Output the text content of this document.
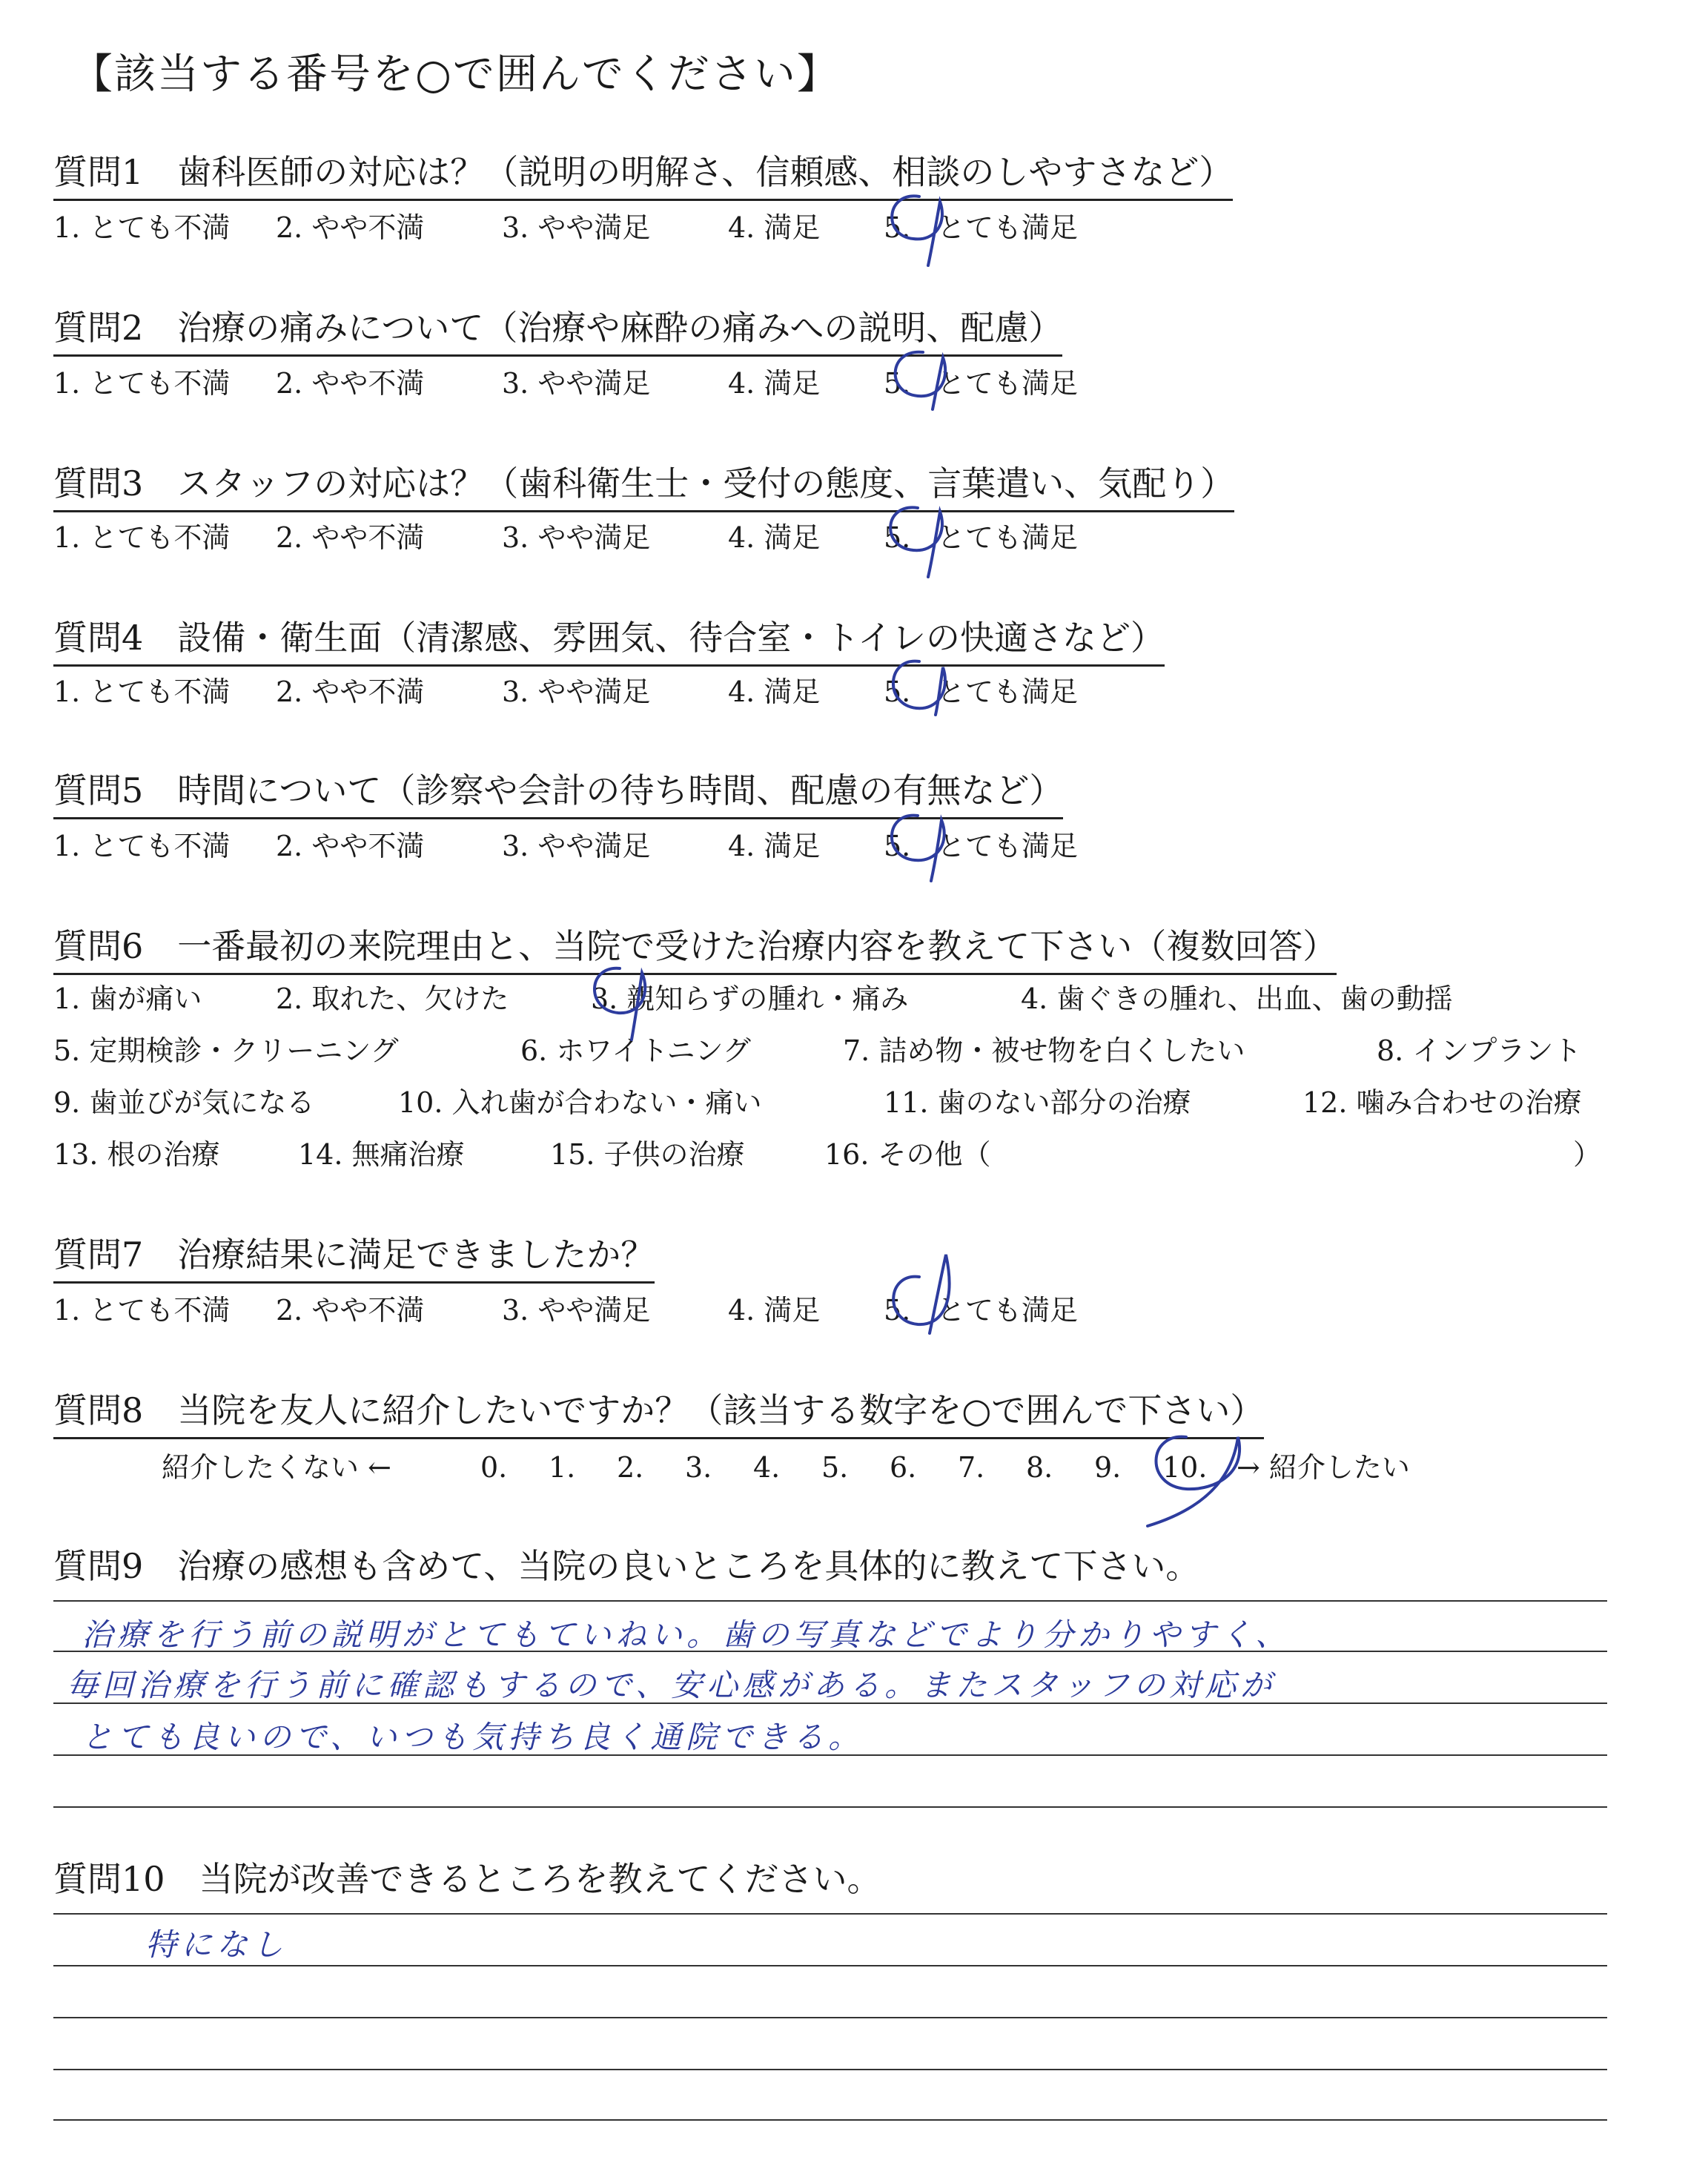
【該当する番号を○で囲んでください】
質問1　歯科医師の対応は？（説明の明解さ、信頼感、相談のしやすさなど）
1. とても不満 2. やや不満	3. やや満足	4. 満足 5. とても満足
質問2　治療の痛みについて（治療や麻酔の痛みへの説明、配慮）
1. とても不満 2. やや不満	3. やや満足	4. 満足 5. とても満足
質問3　スタッフの対応は？（歯科衛生士・受付の態度、言葉遣い、気配り）
1. とても不満 2. やや不満	3. やや満足	4. 満足 5. とても満足
質問4　設備・衛生面（清潔感、雰囲気、待合室・トイレの快適さなど）
1. とても不満 2. やや不満	3. やや満足	4. 満足 5. とても満足
質問5　時間について（診察や会計の待ち時間、配慮の有無など）
1. とても不満 2. やや不満	3. やや満足	4. 満足 5. とても満足
質問6　一番最初の来院理由と、当院で受けた治療内容を教えて下さい（複数回答）
1. 歯が痛い	2. 取れた、欠けた	3. 親知らずの腫れ・痛み	4. 歯ぐきの腫れ、出血、歯の動揺
5. 定期検診・クリーニング	6. ホワイトニング	7. 詰め物・被せ物を白くしたい	8. インプラント
9. 歯並びが気になる	10. 入れ歯が合わない・痛い	11. 歯のない部分の治療	12. 噛み合わせの治療
13. 根の治療	14. 無痛治療	15. 子供の治療	16. その他（	）
質問7　治療結果に満足できましたか？
1. とても不満 2. やや不満	3. やや満足	4. 満足 5. とても満足
質問8　当院を友人に紹介したいですか？（該当する数字を○で囲んで下さい）
紹介したくない ←	0. 1. 2. 3. 4. 5. 6. 7. 8. 9. 10. → 紹介したい
質問9　治療の感想も含めて、当院の良いところを具体的に教えて下さい。
治療を行う前の説明がとてもていねい。歯の写真などでより分かりやすく、
毎回治療を行う前に確認もするので、安心感がある。またスタッフの対応が
とても良いので、いつも気持ち良く通院できる。
質問10　当院が改善できるところを教えてください。
特になし
